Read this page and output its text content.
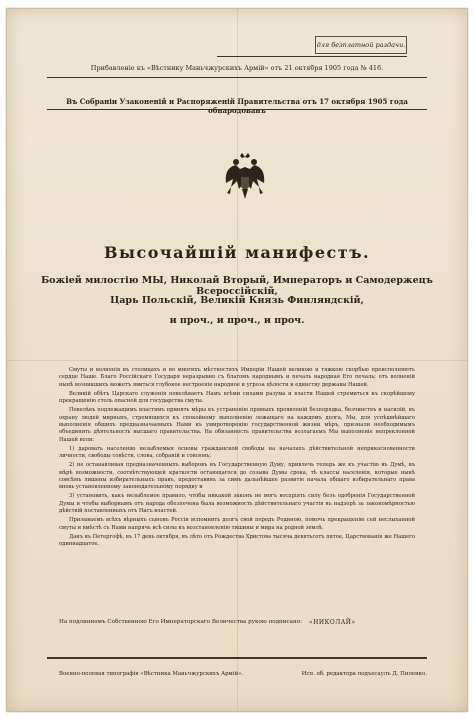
для безплатной раздачи.
Прибавленіе къ «Вѣстнику Маньчжурскихъ Армій» отъ 21 октября 1905 года № 416.
Въ Собраніи Узаконеній и Распоряженій Правительства отъ 17 октября 1905 года обнародованъ
Высочайшій манифестъ.
Божіей милостію МЫ, Николай Вторый, Императоръ и Самодержецъ Всероссійскій,
Царь Польскій, Великій Князь Финляндскій,
и проч., и проч., и проч.

Смуты и волненія въ столицахъ и во многихъ мѣстностяхъ Имперіи Нашей великою и тяжкою скорбью преисполняютъ сердце Наше. Благо Россійскаго Государя неразрывно съ благомъ народнымъ и печаль народная Его печаль; отъ волненій нынѣ возникшихъ можетъ явиться глубокое нестроеніе народное и угроза цѣлости и единству державы Нашей.

Великій обѣтъ Царскаго служенія повелѣваетъ Намъ всѣми силами разума и власти Нашей стремиться къ скорѣйшему прекращенію столь опасной для государства смуты.

Повелѣвъ подлежащимъ властямъ принять мѣры къ устраненію прямыхъ проявленій безпорядка, безчинствъ и насилій, въ охрану людей мирныхъ, стремящихся къ спокойному выполненію лежащаго на каждомъ долга, Мы, для успѣшнѣйшаго выполненія общихъ предназначаемыхъ Нами къ умиротворенію государственной жизни мѣръ, признали необходимымъ объединить дѣятельность высшаго правительства. На обязанность правительства возлагаемъ Мы выполненіе непреклонной Нашей воли:

1) даровать населенію незыблемыя основы гражданской свободы на началахъ дѣйствительной неприкосновенности личности, свободы совѣсти, слова, собраній и союзовъ;

2) не останавливая предназначенныхъ выборовъ въ Государственную Думу, привлечь теперь же къ участію въ Думѣ, въ мѣрѣ возможности, соотвѣтствующей краткости остающагося до созыва Думы срока, тѣ классы населенія, которые нынѣ совсѣмъ лишены избирательныхъ правъ, предоставивъ за симъ дальнѣйшее развитіе начала общаго избирательнаго права вновь установленному законодательному порядку и

3) установить, какъ незыблемое правило, чтобы никакой законъ не могъ воспріять силу безъ одобренія Государственной Думы и чтобы выборнымъ отъ народа обезпечена была возможность дѣйствительнаго участія въ надзорѣ за закономѣрностью дѣйствій поставленныхъ отъ Насъ властей.

Призываемъ всѣхъ вѣрныхъ сыновъ Россіи вспомнить долгъ свой передъ Родиною, помочь прекращенію сей неслыханной смуты и вмѣстѣ съ Нами напрячь всѣ силы къ возстановленію тишины и мира на родной землѣ.

Данъ въ Петергофѣ, въ 17 день октября, въ лѣто отъ Рождества Христова тысяча девятьсотъ пятое, Царствованія же Нашего одиннадцатое.

На подлинномъ Собственною Его Императорскаго Величества рукою подписано:	«НИКОЛАЙ»
Военно-полевая типографія «Вѣстника Маньчжурскихъ Армій».	Исп. об. редактора подъесаулъ Д. Пиленко.
